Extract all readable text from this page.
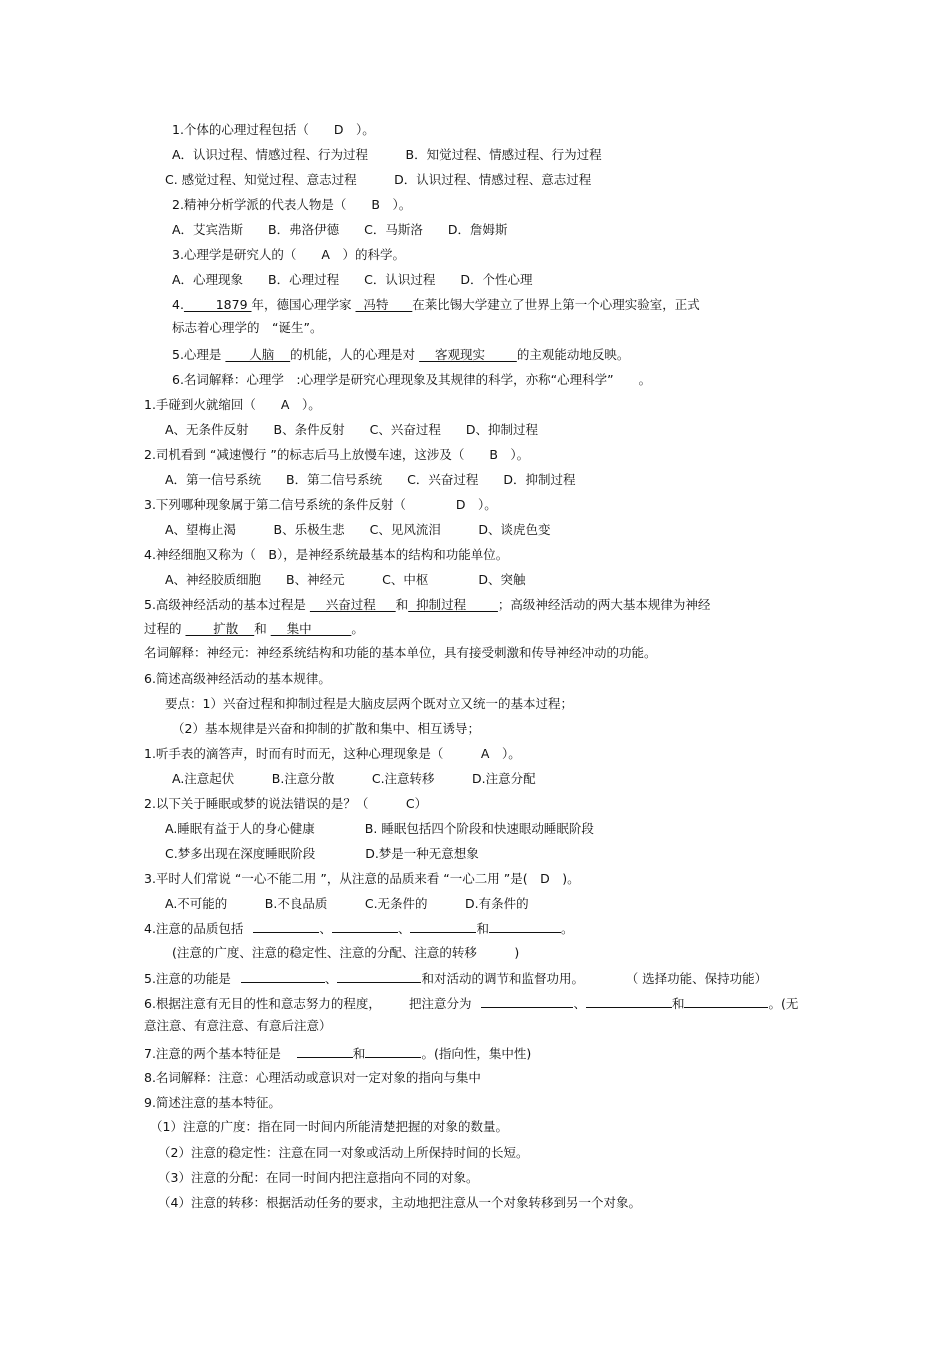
1.个体的心理过程包括（　　D　）。
A．认识过程、情感过程、行为过程　　　B．知觉过程、情感过程、行为过程
C. 感觉过程、知觉过程、意志过程　　　D．认识过程、情感过程、意志过程
2.精神分析学派的代表人物是（　　B　）。
A．艾宾浩斯　　B．弗洛伊德　　C．马斯洛　　D．詹姆斯
3.心理学是研究人的（　　A　）的科学。
A．心理现象　　B．心理过程　　C．认识过程　　D．个性心理
4.        1879 年，德国心理学家   冯特      在莱比锡大学建立了世界上第一个心理实验室，正式
标志着心理学的　“诞生”。
5.心理是       人脑    的机能，人的心理是对     客观现实        的主观能动地反映。
6.名词解释：心理学　:心理学是研究心理现象及其规律的科学，亦称“心理科学”　　。
1.手碰到火就缩回（　　A　）。
A、无条件反射　　B、条件反射　　C、兴奋过程　　D、抑制过程
2.司机看到 “减速慢行 ”的标志后马上放慢车速，这涉及（　　B　）。
A．第一信号系统　　B．第二信号系统　　C．兴奋过程　　D．抑制过程
3.下列哪种现象属于第二信号系统的条件反射（　　　　D　）。
A、望梅止渴　　　B、乐极生悲　　C、见风流泪　　　D、谈虎色变
4.神经细胞又称为（　B），是神经系统最基本的结构和功能单位。
A、神经胶质细胞　　B、神经元　　　C、中枢　　　　D、突触
5.高级神经活动的基本过程是     兴奋过程     和  抑制过程        ；高级神经活动的两大基本规律为神经
过程的        扩散    和     集中          。
名词解释：神经元：神经系统结构和功能的基本单位，具有接受刺激和传导神经冲动的功能。
6.简述高级神经活动的基本规律。
要点：1）兴奋过程和抑制过程是大脑皮层两个既对立又统一的基本过程；
（2）基本规律是兴奋和抑制的扩散和集中、相互诱导；
1.听手表的滴答声，时而有时而无，这种心理现象是（　　　A　）。
A.注意起伏　　　B.注意分散　　　C.注意转移　　　D.注意分配
2.以下关于睡眠或梦的说法错误的是？（　　　C）
A.睡眠有益于人的身心健康　　　　B. 睡眠包括四个阶段和快速眼动睡眠阶段
C.梦多出现在深度睡眠阶段　　　　D.梦是一种无意想象
3.平时人们常说 “一心不能二用 ”，从注意的品质来看 “一心二用 ”是(　D　)。
A.不可能的　　　B.不良品质　　　C.无条件的　　　D.有条件的
4.注意的品质包括	、	、	和	。
(注意的广度、注意的稳定性、注意的分配、注意的转移　　　)
5.注意的功能是	、	和对活动的调节和监督功用。	（ 选择功能、保持功能）
6.根据注意有无目的性和意志努力的程度， 把注意分为	、	和	。(无
意注意、有意注意、有意后注意）
7.注意的两个基本特征是	和	。(指向性，集中性)
8.名词解释：注意：心理活动或意识对一定对象的指向与集中
9.简述注意的基本特征。
（1）注意的广度：指在同一时间内所能清楚把握的对象的数量。
（2）注意的稳定性：注意在同一对象或活动上所保持时间的长短。
（3）注意的分配：在同一时间内把注意指向不同的对象。
（4）注意的转移：根据活动任务的要求，主动地把注意从一个对象转移到另一个对象。
